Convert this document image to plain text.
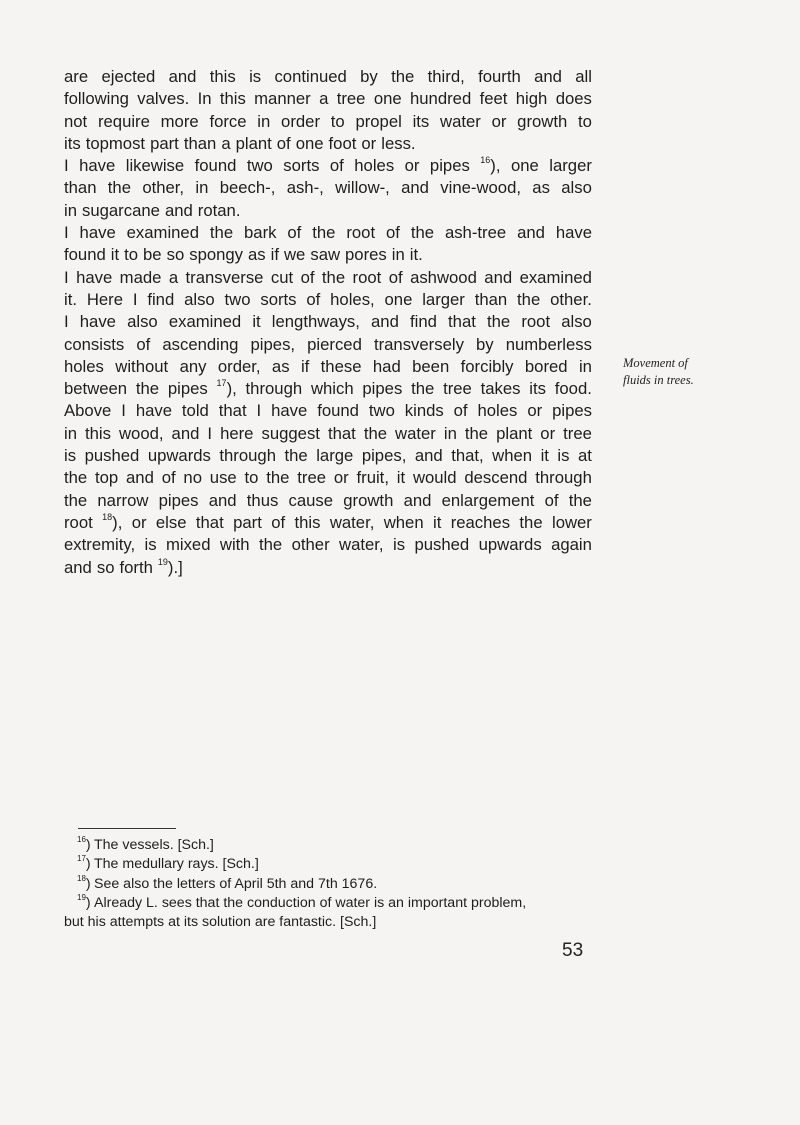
are ejected and this is continued by the third, fourth and all
following valves. In this manner a tree one hundred feet high does
not require more force in order to propel its water or growth to
its topmost part than a plant of one foot or less.
I have likewise found two sorts of holes or pipes $^{16}$), one larger
than the other, in beech-, ash-, willow-, and vine-wood, as also
in sugarcane and rotan.
I have examined the bark of the root of the ash-tree and have
found it to be so spongy as if we saw pores in it.
I have made a transverse cut of the root of ashwood and examined
it. Here I find also two sorts of holes, one larger than the other.
I have also examined it lengthways, and find that the root also
consists of ascending pipes, pierced transversely by numberless
holes without any order, as if these had been forcibly bored in
between the pipes $^{17}$), through which pipes the tree takes its food.
Above I have told that I have found two kinds of holes or pipes
in this wood, and I here suggest that the water in the plant or tree
is pushed upwards through the large pipes, and that, when it is at
the top and of no use to the tree or fruit, it would descend through
the narrow pipes and thus cause growth and enlargement of the
root $^{18}$), or else that part of this water, when it reaches the lower
extremity, is mixed with the other water, is pushed upwards again
and so forth $^{19}$).]
Movement of
fluids in trees.
$^{16}$) The vessels. [Sch.]
$^{17}$) The medullary rays. [Sch.]
$^{18}$) See also the letters of April 5th and 7th 1676.
$^{19}$) Already L. sees that the conduction of water is an important problem,
but his attempts at its solution are fantastic. [Sch.]
53
